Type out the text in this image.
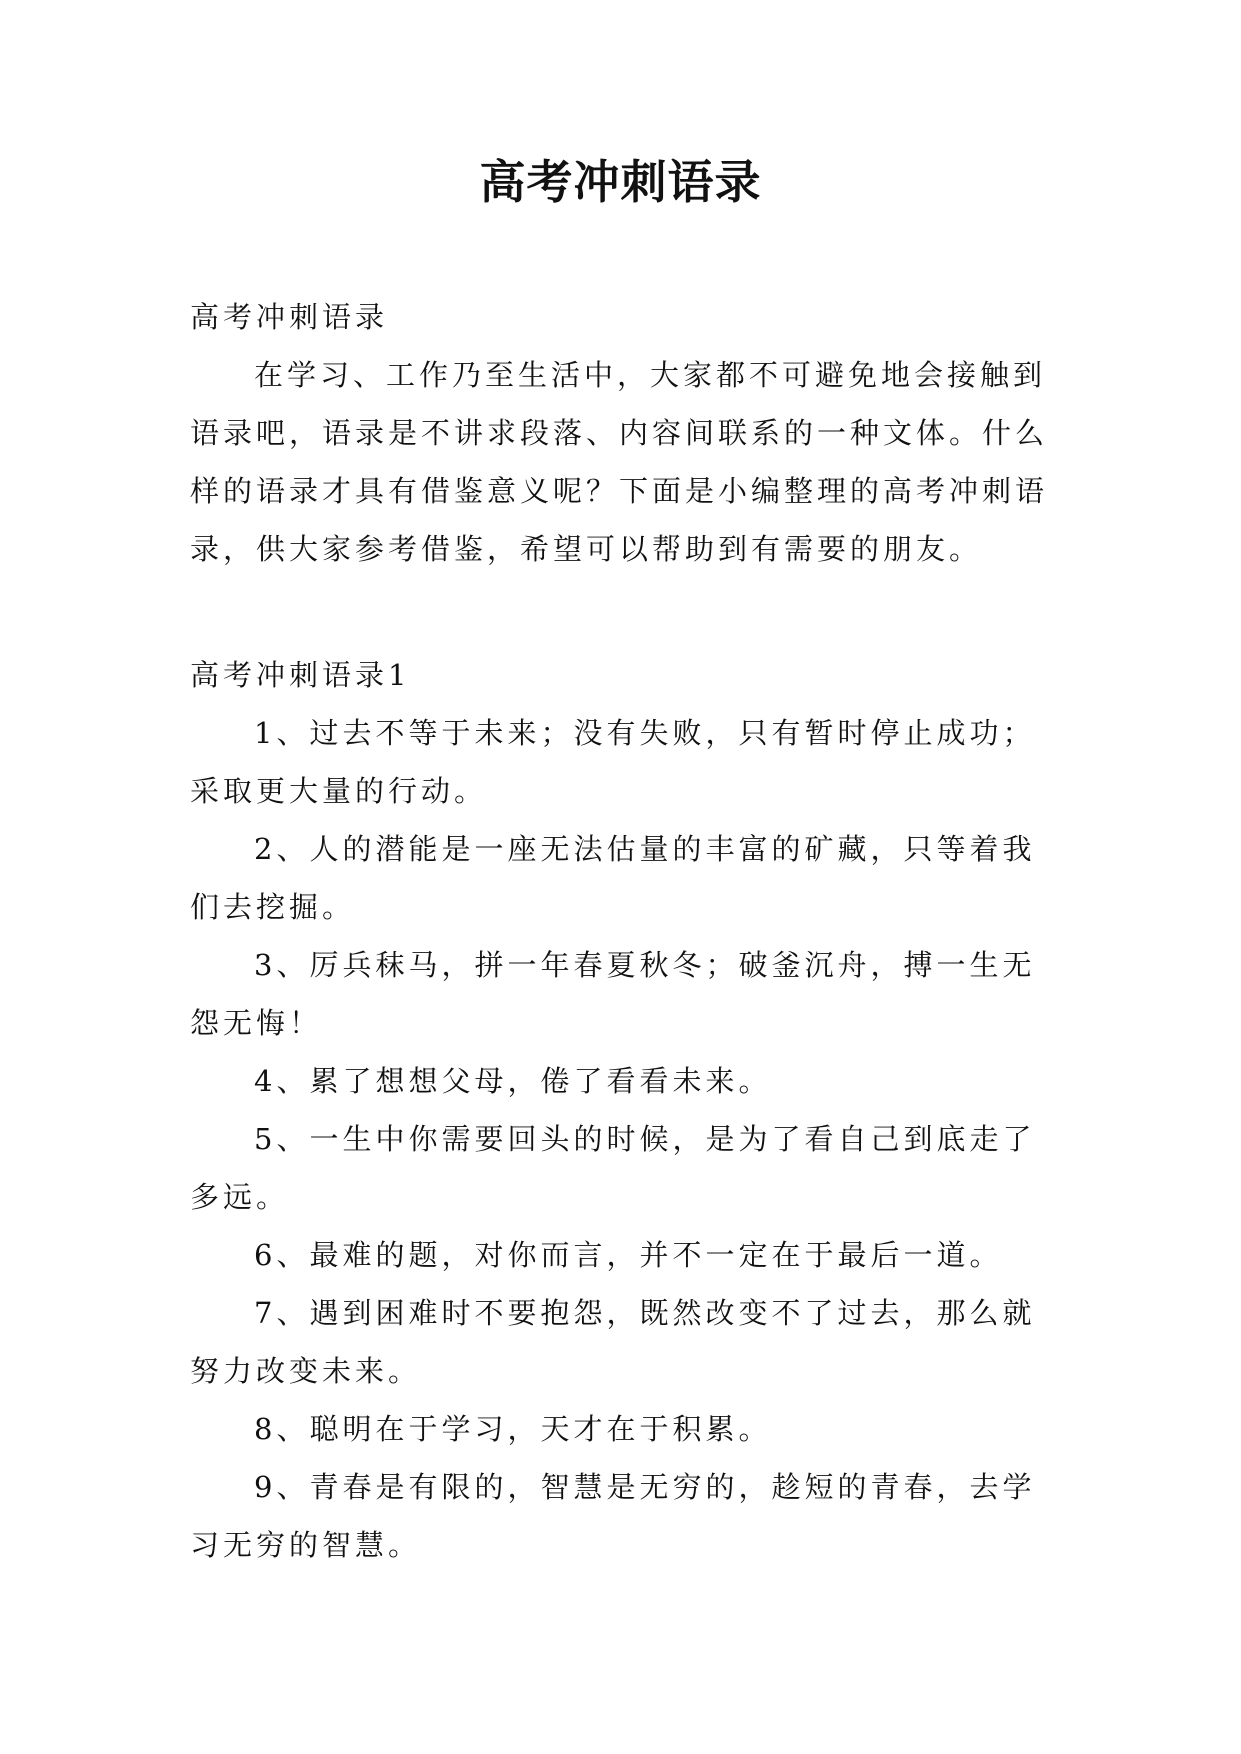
高考冲刺语录
高考冲刺语录
在学习、工作乃至生活中，大家都不可避免地会接触到语录吧，语录是不讲求段落、内容间联系的一种文体。什么样的语录才具有借鉴意义呢？下面是小编整理的高考冲刺语录，供大家参考借鉴，希望可以帮助到有需要的朋友。
高考冲刺语录1
1、过去不等于未来；没有失败，只有暂时停止成功；采取更大量的行动。
2、人的潜能是一座无法估量的丰富的矿藏，只等着我们去挖掘。
3、厉兵秣马，拼一年春夏秋冬；破釜沉舟，搏一生无怨无悔！
4、累了想想父母，倦了看看未来。
5、一生中你需要回头的时候，是为了看自己到底走了多远。
6、最难的题，对你而言，并不一定在于最后一道。
7、遇到困难时不要抱怨，既然改变不了过去，那么就努力改变未来。
8、聪明在于学习，天才在于积累。
9、青春是有限的，智慧是无穷的，趁短的青春，去学习无穷的智慧。
